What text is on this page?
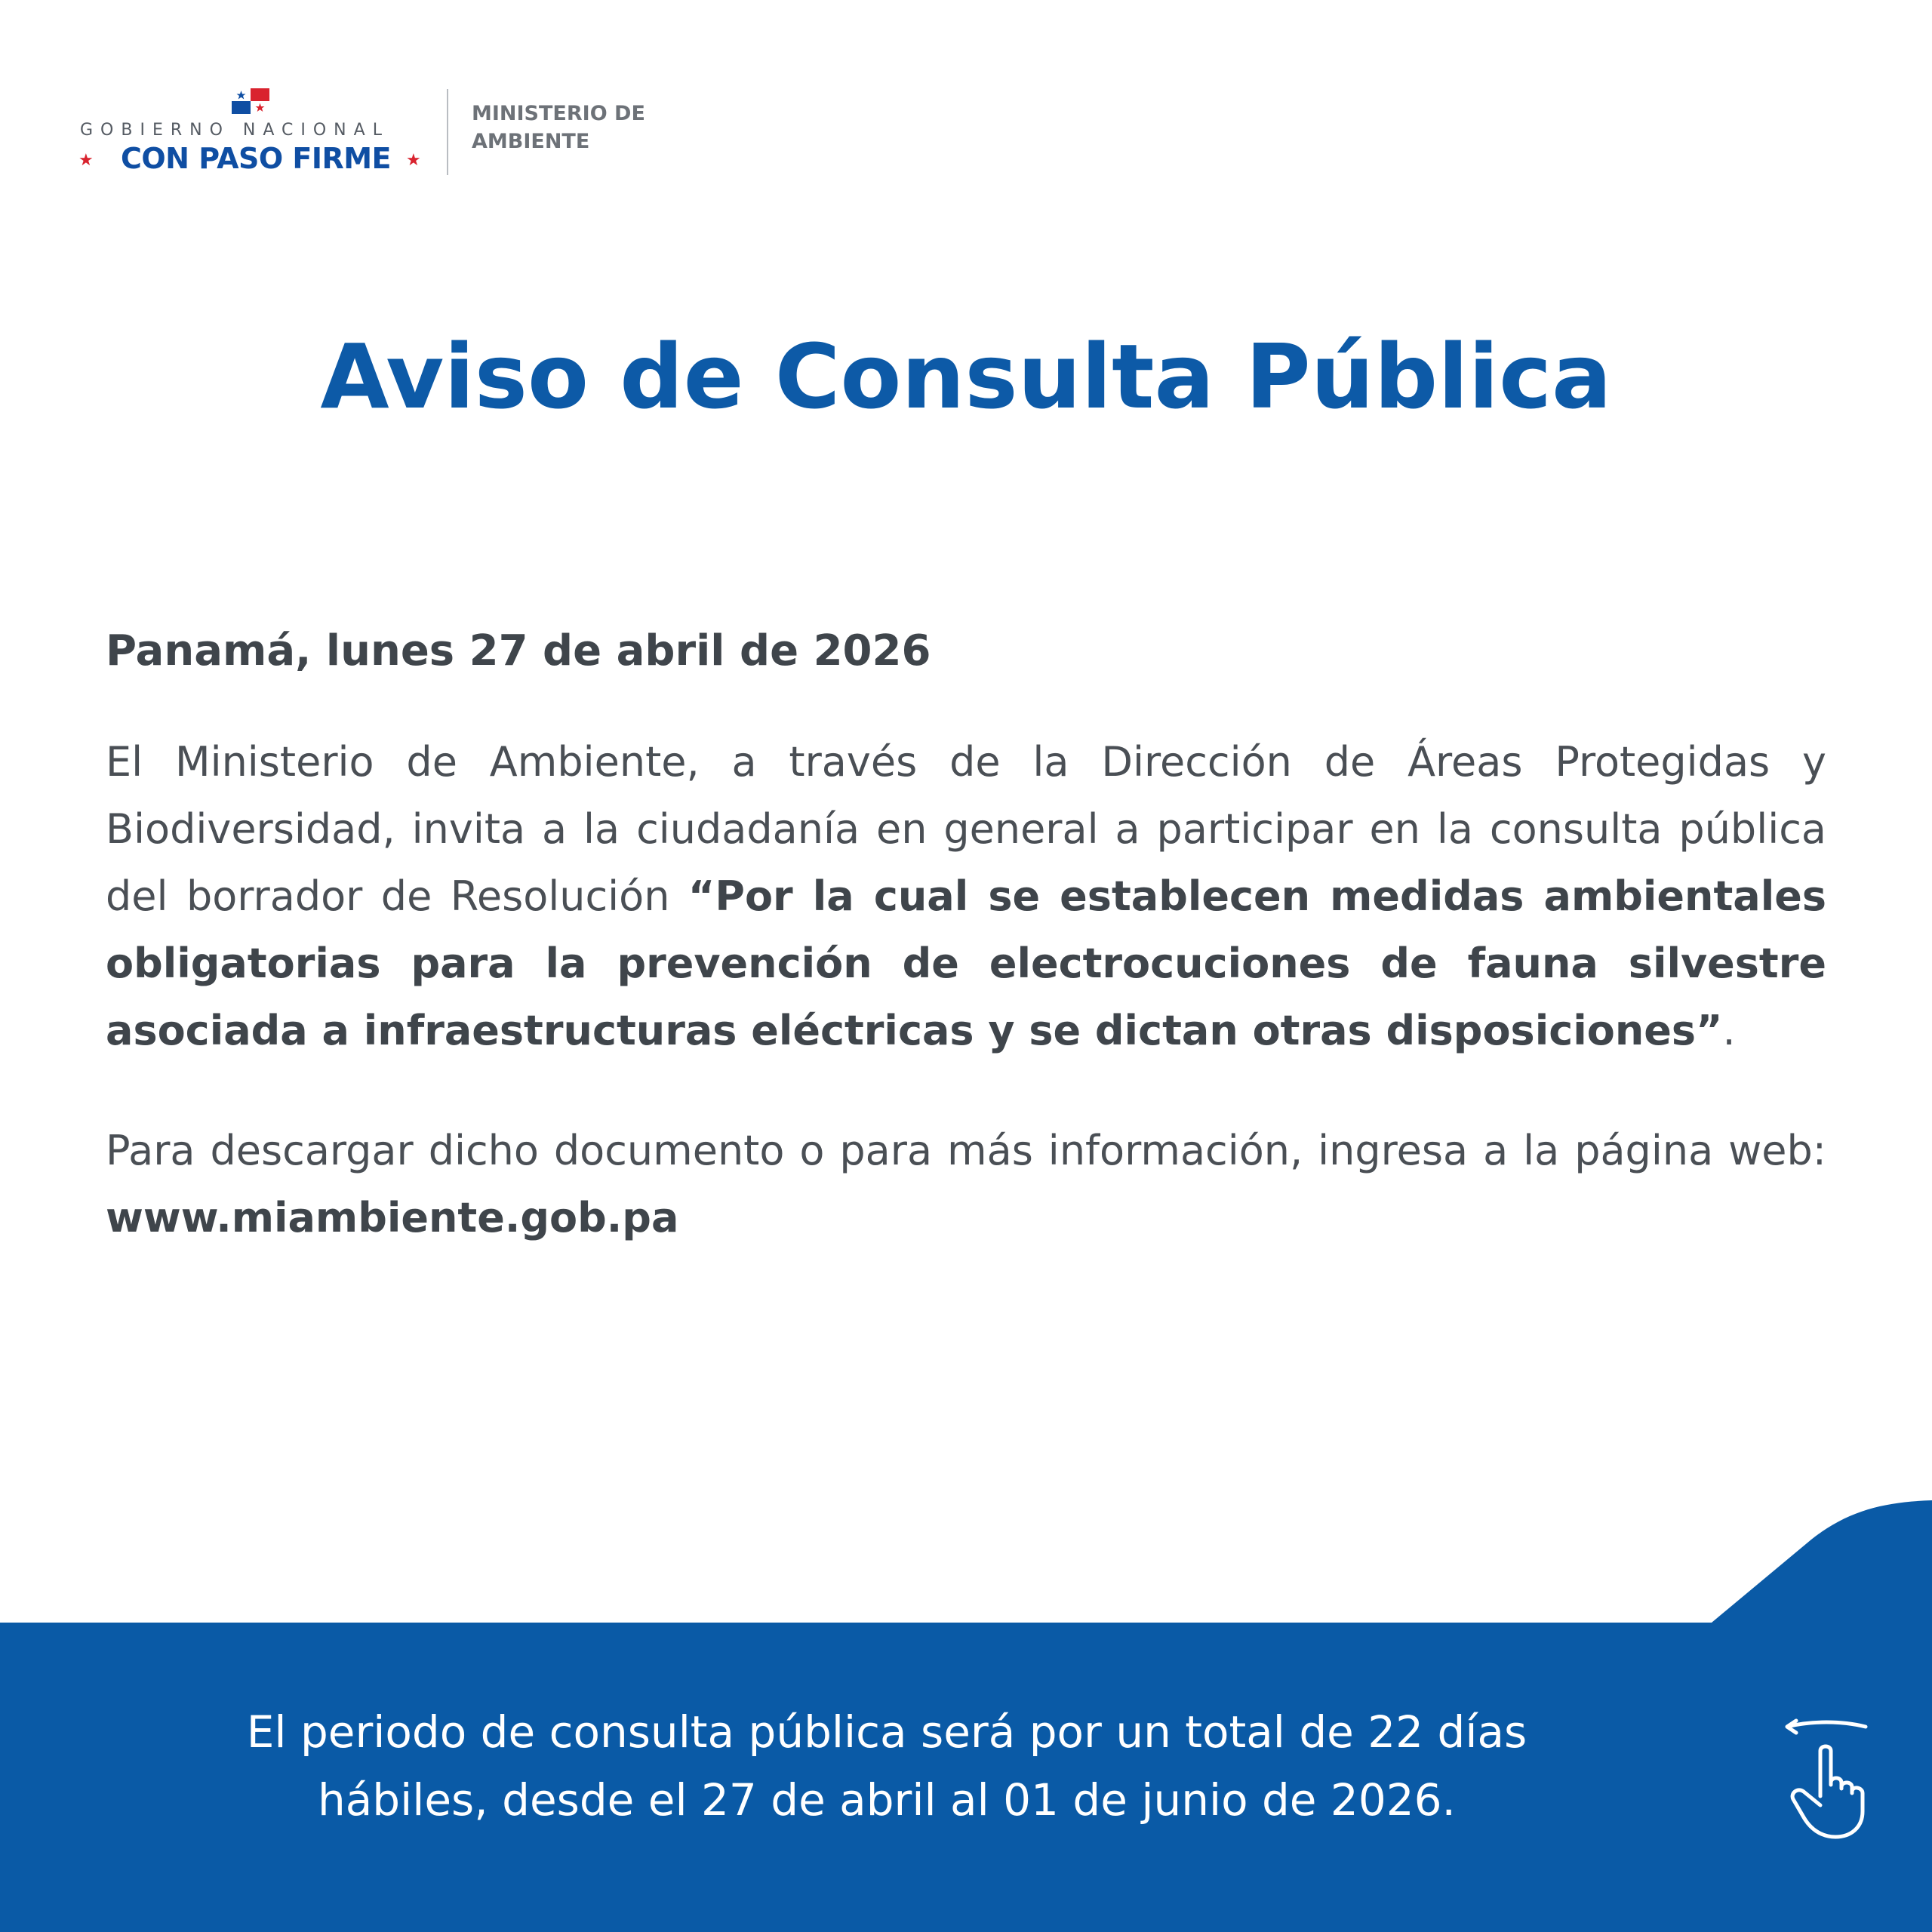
GOBIERNO NACIONAL
★ CON PASO FIRME ★
MINISTERIO DE
AMBIENTE
Aviso de Consulta Pública

Panamá, lunes 27 de abril de 2026

El Ministerio de Ambiente, a través de la Dirección de Áreas Protegidas y Biodiversidad, invita a la ciudadanía en general a participar en la consulta pública del borrador de Resolución “Por la cual se establecen medidas ambientales obligatorias para la prevención de electrocuciones de fauna silvestre asociada a infraestructuras eléctricas y se dictan otras disposiciones”.

Para descargar dicho documento o para más información, ingresa a la página web: www.miambiente.gob.pa

El periodo de consulta pública será por un total de 22 días
hábiles, desde el 27 de abril al 01 de junio de 2026.
